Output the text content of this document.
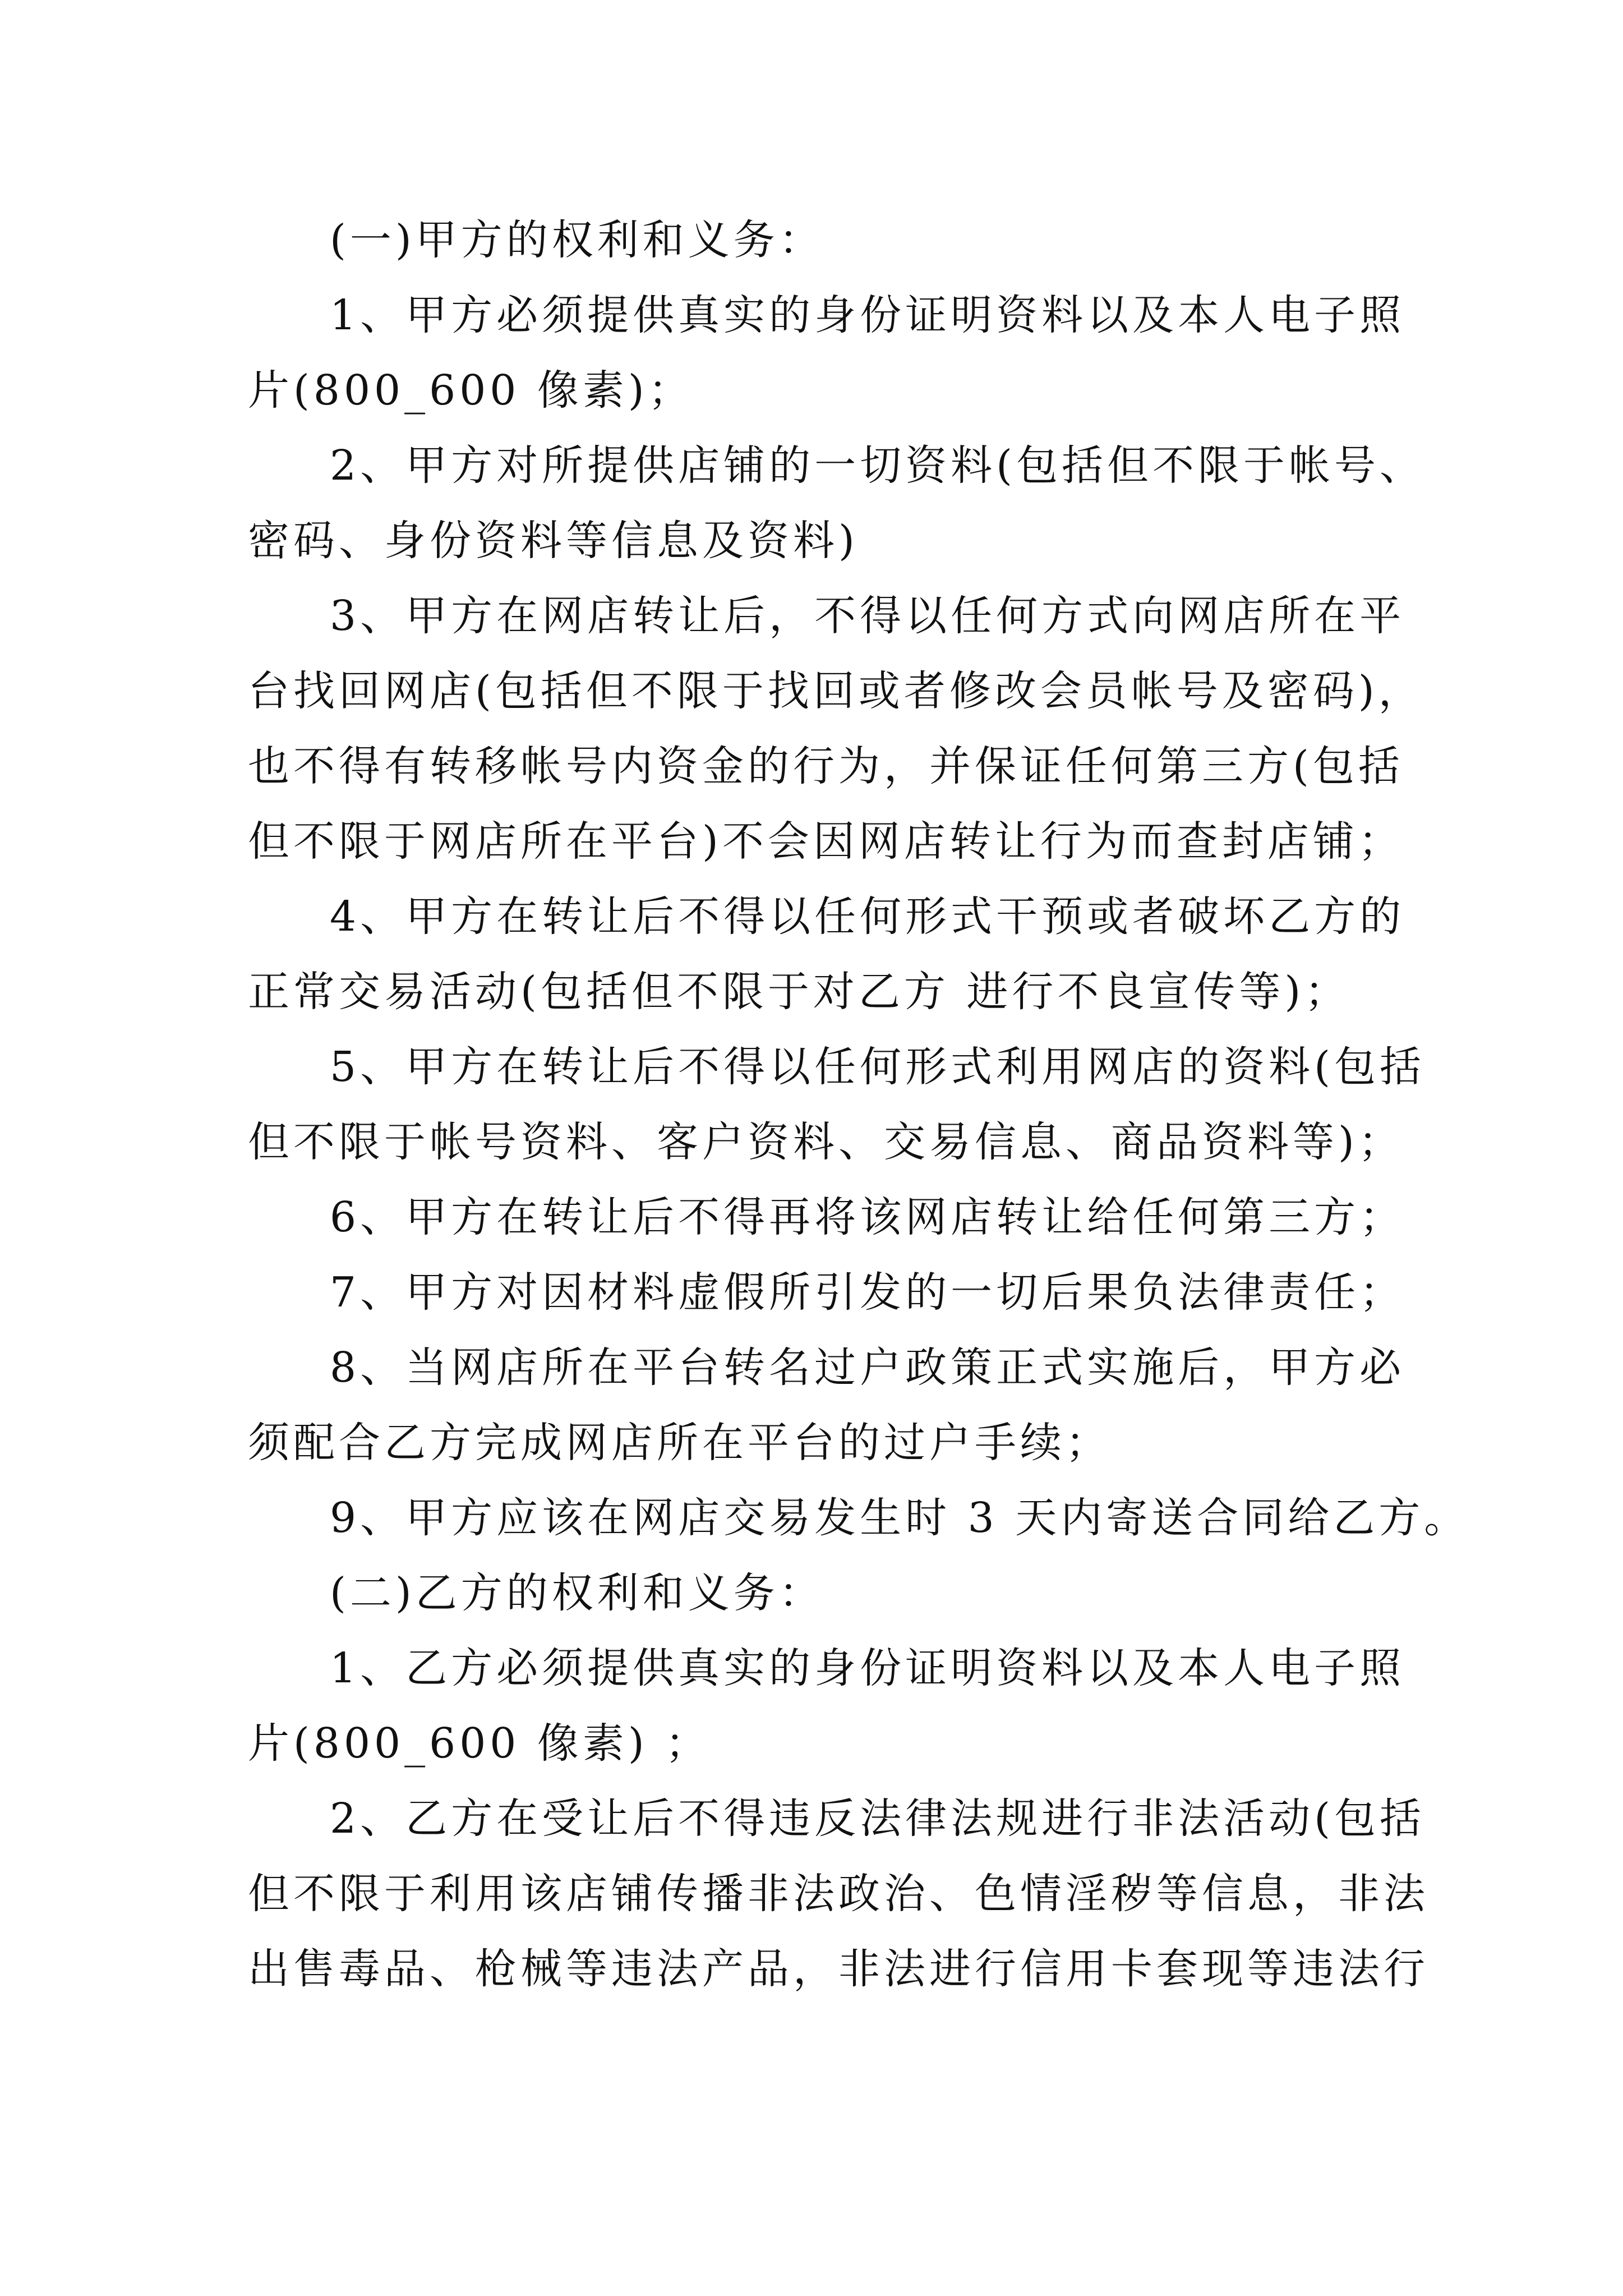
(一)甲方的权利和义务：
1、甲方必须提供真实的身份证明资料以及本人电子照
片(800_600 像素)；
2、甲方对所提供店铺的一切资料(包括但不限于帐号、
密码、身份资料等信息及资料)
3、甲方在网店转让后，不得以任何方式向网店所在平
台找回网店(包括但不限于找回或者修改会员帐号及密码)，
也不得有转移帐号内资金的行为，并保证任何第三方(包括
但不限于网店所在平台)不会因网店转让行为而查封店铺；
4、甲方在转让后不得以任何形式干预或者破坏乙方的
正常交易活动(包括但不限于对乙方 进行不良宣传等)；
5、甲方在转让后不得以任何形式利用网店的资料(包括
但不限于帐号资料、客户资料、交易信息、商品资料等)；
6、甲方在转让后不得再将该网店转让给任何第三方；
7、甲方对因材料虚假所引发的一切后果负法律责任；
8、当网店所在平台转名过户政策正式实施后，甲方必
须配合乙方完成网店所在平台的过户手续；
9、甲方应该在网店交易发生时 3 天内寄送合同给乙方。
(二)乙方的权利和义务：
1、乙方必须提供真实的身份证明资料以及本人电子照
片(800_600 像素) ；
2、乙方在受让后不得违反法律法规进行非法活动(包括
但不限于利用该店铺传播非法政治、色情淫秽等信息，非法
出售毒品、枪械等违法产品，非法进行信用卡套现等违法行
